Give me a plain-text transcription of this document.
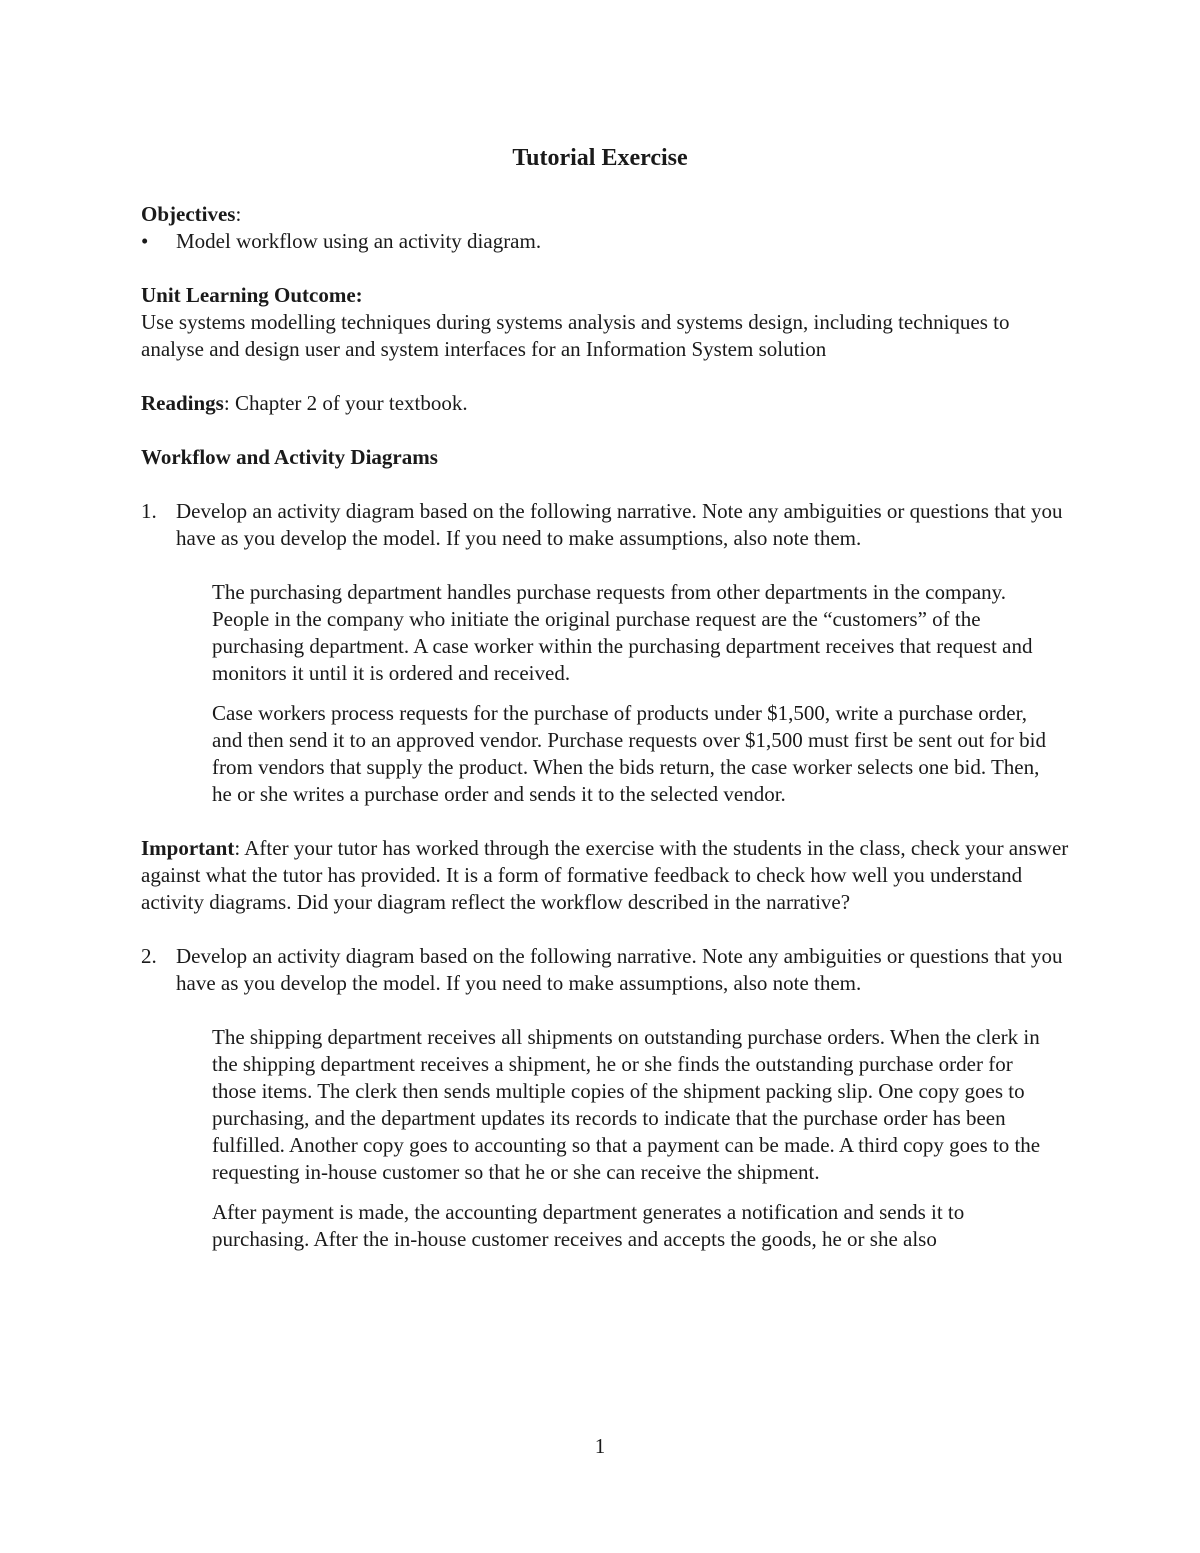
Tutorial Exercise

Objectives:

• Model workflow using an activity diagram.

Unit Learning Outcome:

Use systems modelling techniques during systems analysis and systems design, including techniques to analyse and design user and system interfaces for an Information System solution

Readings: Chapter 2 of your textbook.

Workflow and Activity Diagrams

1. Develop an activity diagram based on the following narrative. Note any ambiguities or questions that you have as you develop the model. If you need to make assumptions, also note them.

The purchasing department handles purchase requests from other departments in the company. People in the company who initiate the original purchase request are the “customers” of the purchasing department. A case worker within the purchasing department receives that request and monitors it until it is ordered and received.

Case workers process requests for the purchase of products under $1,500, write a purchase order, and then send it to an approved vendor. Purchase requests over $1,500 must first be sent out for bid from vendors that supply the product. When the bids return, the case worker selects one bid. Then, he or she writes a purchase order and sends it to the selected vendor.

Important: After your tutor has worked through the exercise with the students in the class, check your answer against what the tutor has provided. It is a form of formative feedback to check how well you understand activity diagrams. Did your diagram reflect the workflow described in the narrative?

2. Develop an activity diagram based on the following narrative. Note any ambiguities or questions that you have as you develop the model. If you need to make assumptions, also note them.

The shipping department receives all shipments on outstanding purchase orders. When the clerk in the shipping department receives a shipment, he or she finds the outstanding purchase order for those items. The clerk then sends multiple copies of the shipment packing slip. One copy goes to purchasing, and the department updates its records to indicate that the purchase order has been fulfilled. Another copy goes to accounting so that a payment can be made. A third copy goes to the requesting in-house customer so that he or she can receive the shipment.

After payment is made, the accounting department generates a notification and sends it to purchasing. After the in-house customer receives and accepts the goods, he or she also

1
